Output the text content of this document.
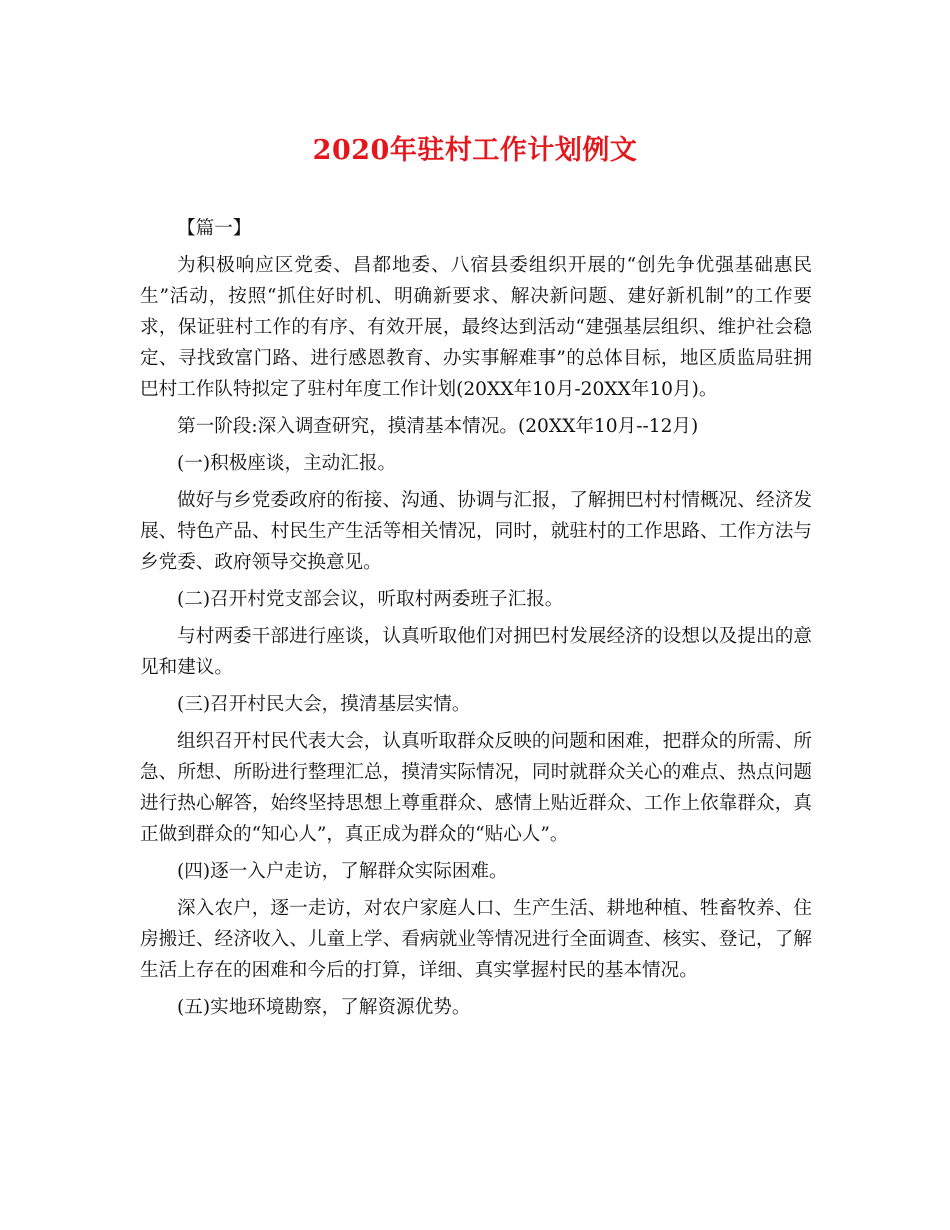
2020年驻村工作计划例文

【篇一】

为积极响应区党委、昌都地委、八宿县委组织开展的“创先争优强基础惠民生”活动，按照“抓住好时机、明确新要求、解决新问题、建好新机制”的工作要求，保证驻村工作的有序、有效开展，最终达到活动“建强基层组织、维护社会稳定、寻找致富门路、进行感恩教育、办实事解难事”的总体目标，地区质监局驻拥巴村工作队特拟定了驻村年度工作计划(20XX年10月-20XX年10月)。

第一阶段:深入调查研究，摸清基本情况。(20XX年10月--12月)

(一)积极座谈，主动汇报。

做好与乡党委政府的衔接、沟通、协调与汇报，了解拥巴村村情概况、经济发展、特色产品、村民生产生活等相关情况，同时，就驻村的工作思路、工作方法与乡党委、政府领导交换意见。

(二)召开村党支部会议，听取村两委班子汇报。

与村两委干部进行座谈，认真听取他们对拥巴村发展经济的设想以及提出的意见和建议。

(三)召开村民大会，摸清基层实情。

组织召开村民代表大会，认真听取群众反映的问题和困难，把群众的所需、所急、所想、所盼进行整理汇总，摸清实际情况，同时就群众关心的难点、热点问题进行热心解答，始终坚持思想上尊重群众、感情上贴近群众、工作上依靠群众，真正做到群众的“知心人”，真正成为群众的“贴心人”。

(四)逐一入户走访，了解群众实际困难。

深入农户，逐一走访，对农户家庭人口、生产生活、耕地种植、牲畜牧养、住房搬迁、经济收入、儿童上学、看病就业等情况进行全面调查、核实、登记，了解生活上存在的困难和今后的打算，详细、真实掌握村民的基本情况。

(五)实地环境勘察，了解资源优势。
